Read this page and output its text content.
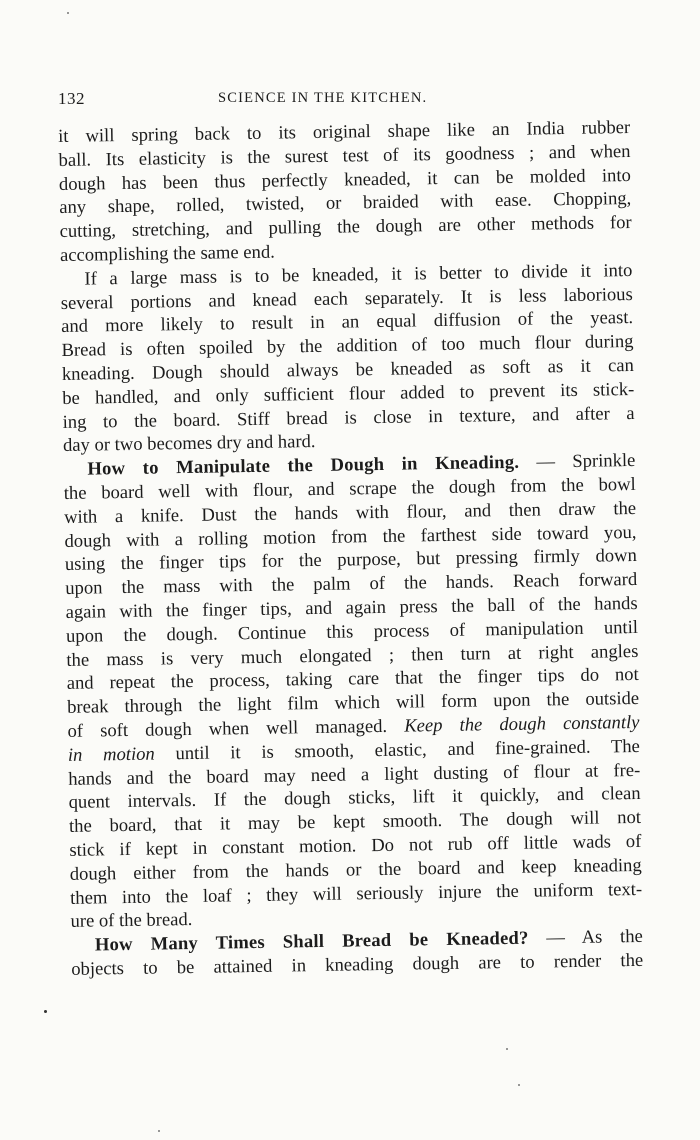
132	SCIENCE IN THE KITCHEN.
it will spring back to its original shape like an India rubber
ball. Its elasticity is the surest test of its goodness ; and when
dough has been thus perfectly kneaded, it can be molded into
any shape, rolled, twisted, or braided with ease. Chopping,
cutting, stretching, and pulling the dough are other methods for
accomplishing the same end.
If a large mass is to be kneaded, it is better to divide it into
several portions and knead each separately. It is less laborious
and more likely to result in an equal diffusion of the yeast.
Bread is often spoiled by the addition of too much flour during
kneading. Dough should always be kneaded as soft as it can
be handled, and only sufficient flour added to prevent its stick-
ing to the board. Stiff bread is close in texture, and after a
day or two becomes dry and hard.
How to Manipulate the Dough in Kneading. — Sprinkle
the board well with flour, and scrape the dough from the bowl
with a knife. Dust the hands with flour, and then draw the
dough with a rolling motion from the farthest side toward you,
using the finger tips for the purpose, but pressing firmly down
upon the mass with the palm of the hands. Reach forward
again with the finger tips, and again press the ball of the hands
upon the dough. Continue this process of manipulation until
the mass is very much elongated ; then turn at right angles
and repeat the process, taking care that the finger tips do not
break through the light film which will form upon the outside
of soft dough when well managed. Keep the dough constantly
in motion until it is smooth, elastic, and fine-grained. The
hands and the board may need a light dusting of flour at fre-
quent intervals. If the dough sticks, lift it quickly, and clean
the board, that it may be kept smooth. The dough will not
stick if kept in constant motion. Do not rub off little wads of
dough either from the hands or the board and keep kneading
them into the loaf ; they will seriously injure the uniform text-
ure of the bread.
How Many Times Shall Bread be Kneaded? — As the
objects to be attained in kneading dough are to render the
